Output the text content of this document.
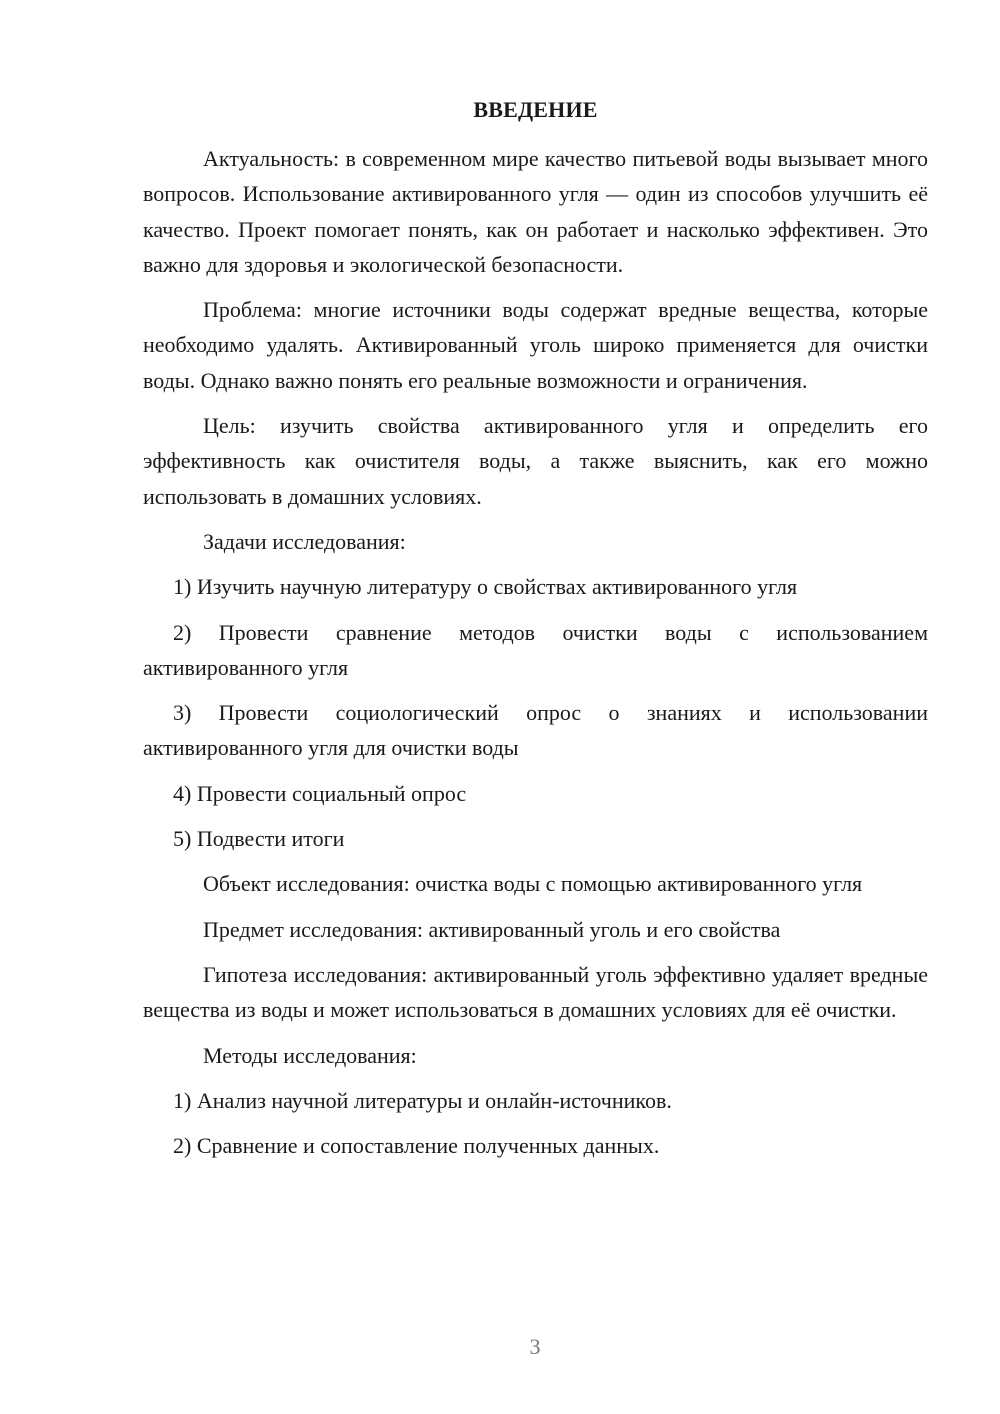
ВВЕДЕНИЕ

Актуальность: в современном мире качество питьевой воды вызывает много вопросов. Использование активированного угля — один из способов улучшить её качество. Проект помогает понять, как он работает и насколько эффективен. Это важно для здоровья и экологической безопасности.

Проблема: многие источники воды содержат вредные вещества, которые необходимо удалять. Активированный уголь широко применяется для очистки воды. Однако важно понять его реальные возможности и ограничения.

Цель: изучить свойства активированного угля и определить его эффективность как очистителя воды, а также выяснить, как его можно использовать в домашних условиях.

Задачи исследования:

1) Изучить научную литературу о свойствах активированного угля

2) Провести сравнение методов очистки воды с использованием активированного угля

3) Провести социологический опрос о знаниях и использовании активированного угля для очистки воды

4) Провести социальный опрос

5) Подвести итоги

Объект исследования: очистка воды с помощью активированного угля

Предмет исследования: активированный уголь и его свойства

Гипотеза исследования: активированный уголь эффективно удаляет вредные вещества из воды и может использоваться в домашних условиях для её очистки.

Методы исследования:

1) Анализ научной литературы и онлайн-источников.

2) Сравнение и сопоставление полученных данных.

3
